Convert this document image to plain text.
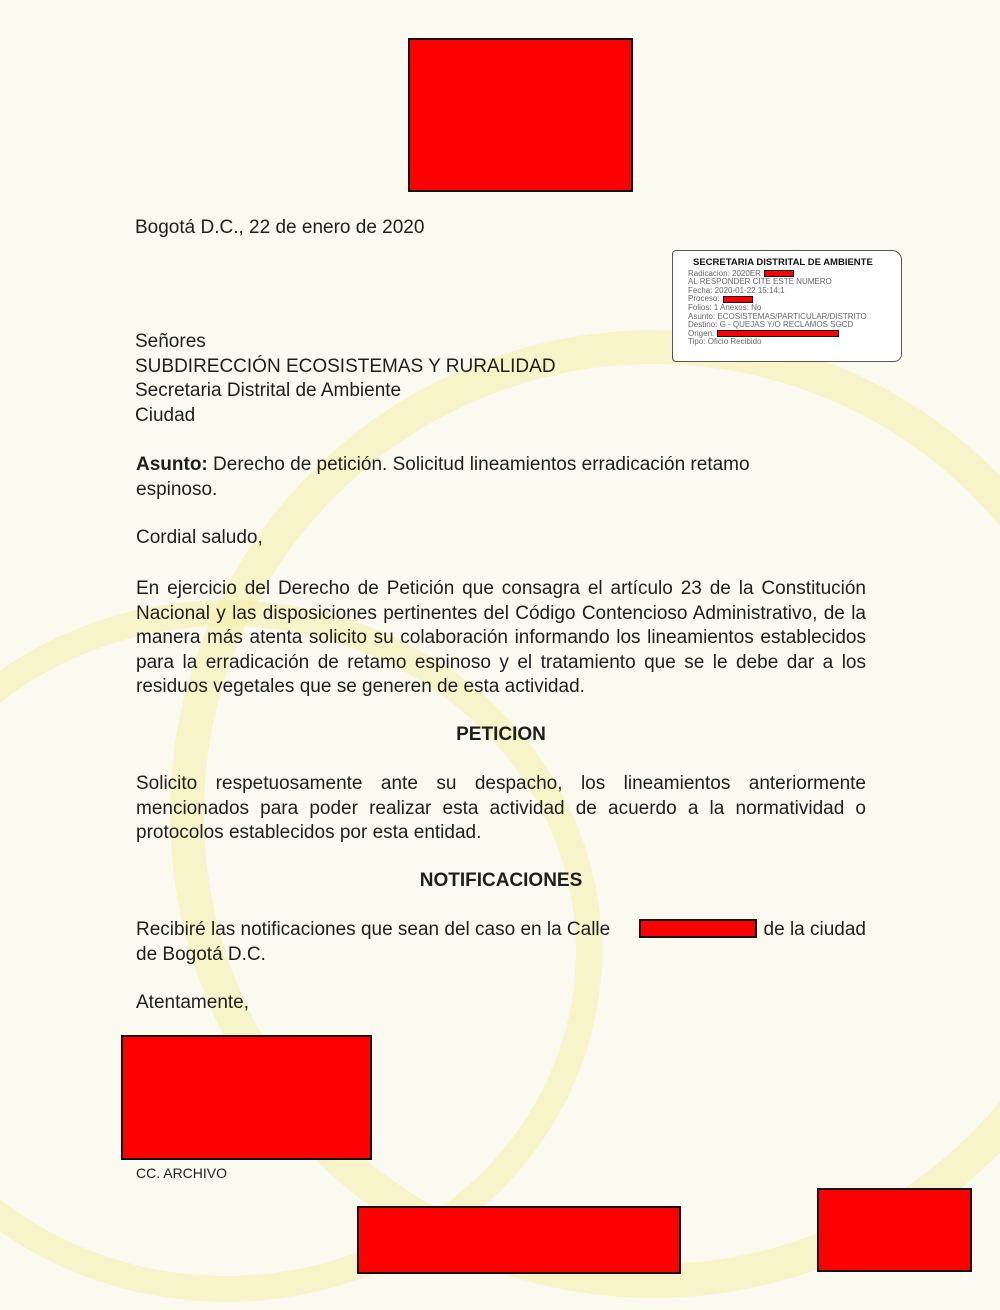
Bogotá D.C., 22 de enero de 2020
SECRETARIA DISTRITAL DE AMBIENTE
Radicacion: 2020ER
AL RESPONDER CITE ESTE NUMERO
Fecha: 2020-01-22 15:14:1
Proceso:
Folios: 1 Anexos: No
Asunto: ECOSISTEMAS/PARTICULAR/DISTRITO
Destino: G - QUEJAS Y/O RECLAMOS SGCD
Origen:
Tipo: Oficio Recibido
Señores
SUBDIRECCIÓN ECOSISTEMAS Y RURALIDAD
Secretaria Distrital de Ambiente
Ciudad
Asunto: Derecho de petición. Solicitud lineamientos erradicación retamo espinoso.
Cordial saludo,
En ejercicio del Derecho de Petición que consagra el artículo 23 de la Constitución Nacional y las disposiciones pertinentes del Código Contencioso Administrativo, de la manera más atenta solicito su colaboración informando los lineamientos establecidos para la erradicación de retamo espinoso y el tratamiento que se le debe dar a los residuos vegetales que se generen de esta actividad.
PETICION
Solicito respetuosamente ante su despacho, los lineamientos anteriormente mencionados para poder realizar esta actividad de acuerdo a la normatividad o protocolos establecidos por esta entidad.
NOTIFICACIONES
Recibiré las notificaciones que sean del caso en la Calle	de la ciudad
de Bogotá D.C.
Atentamente,
CC. ARCHIVO
